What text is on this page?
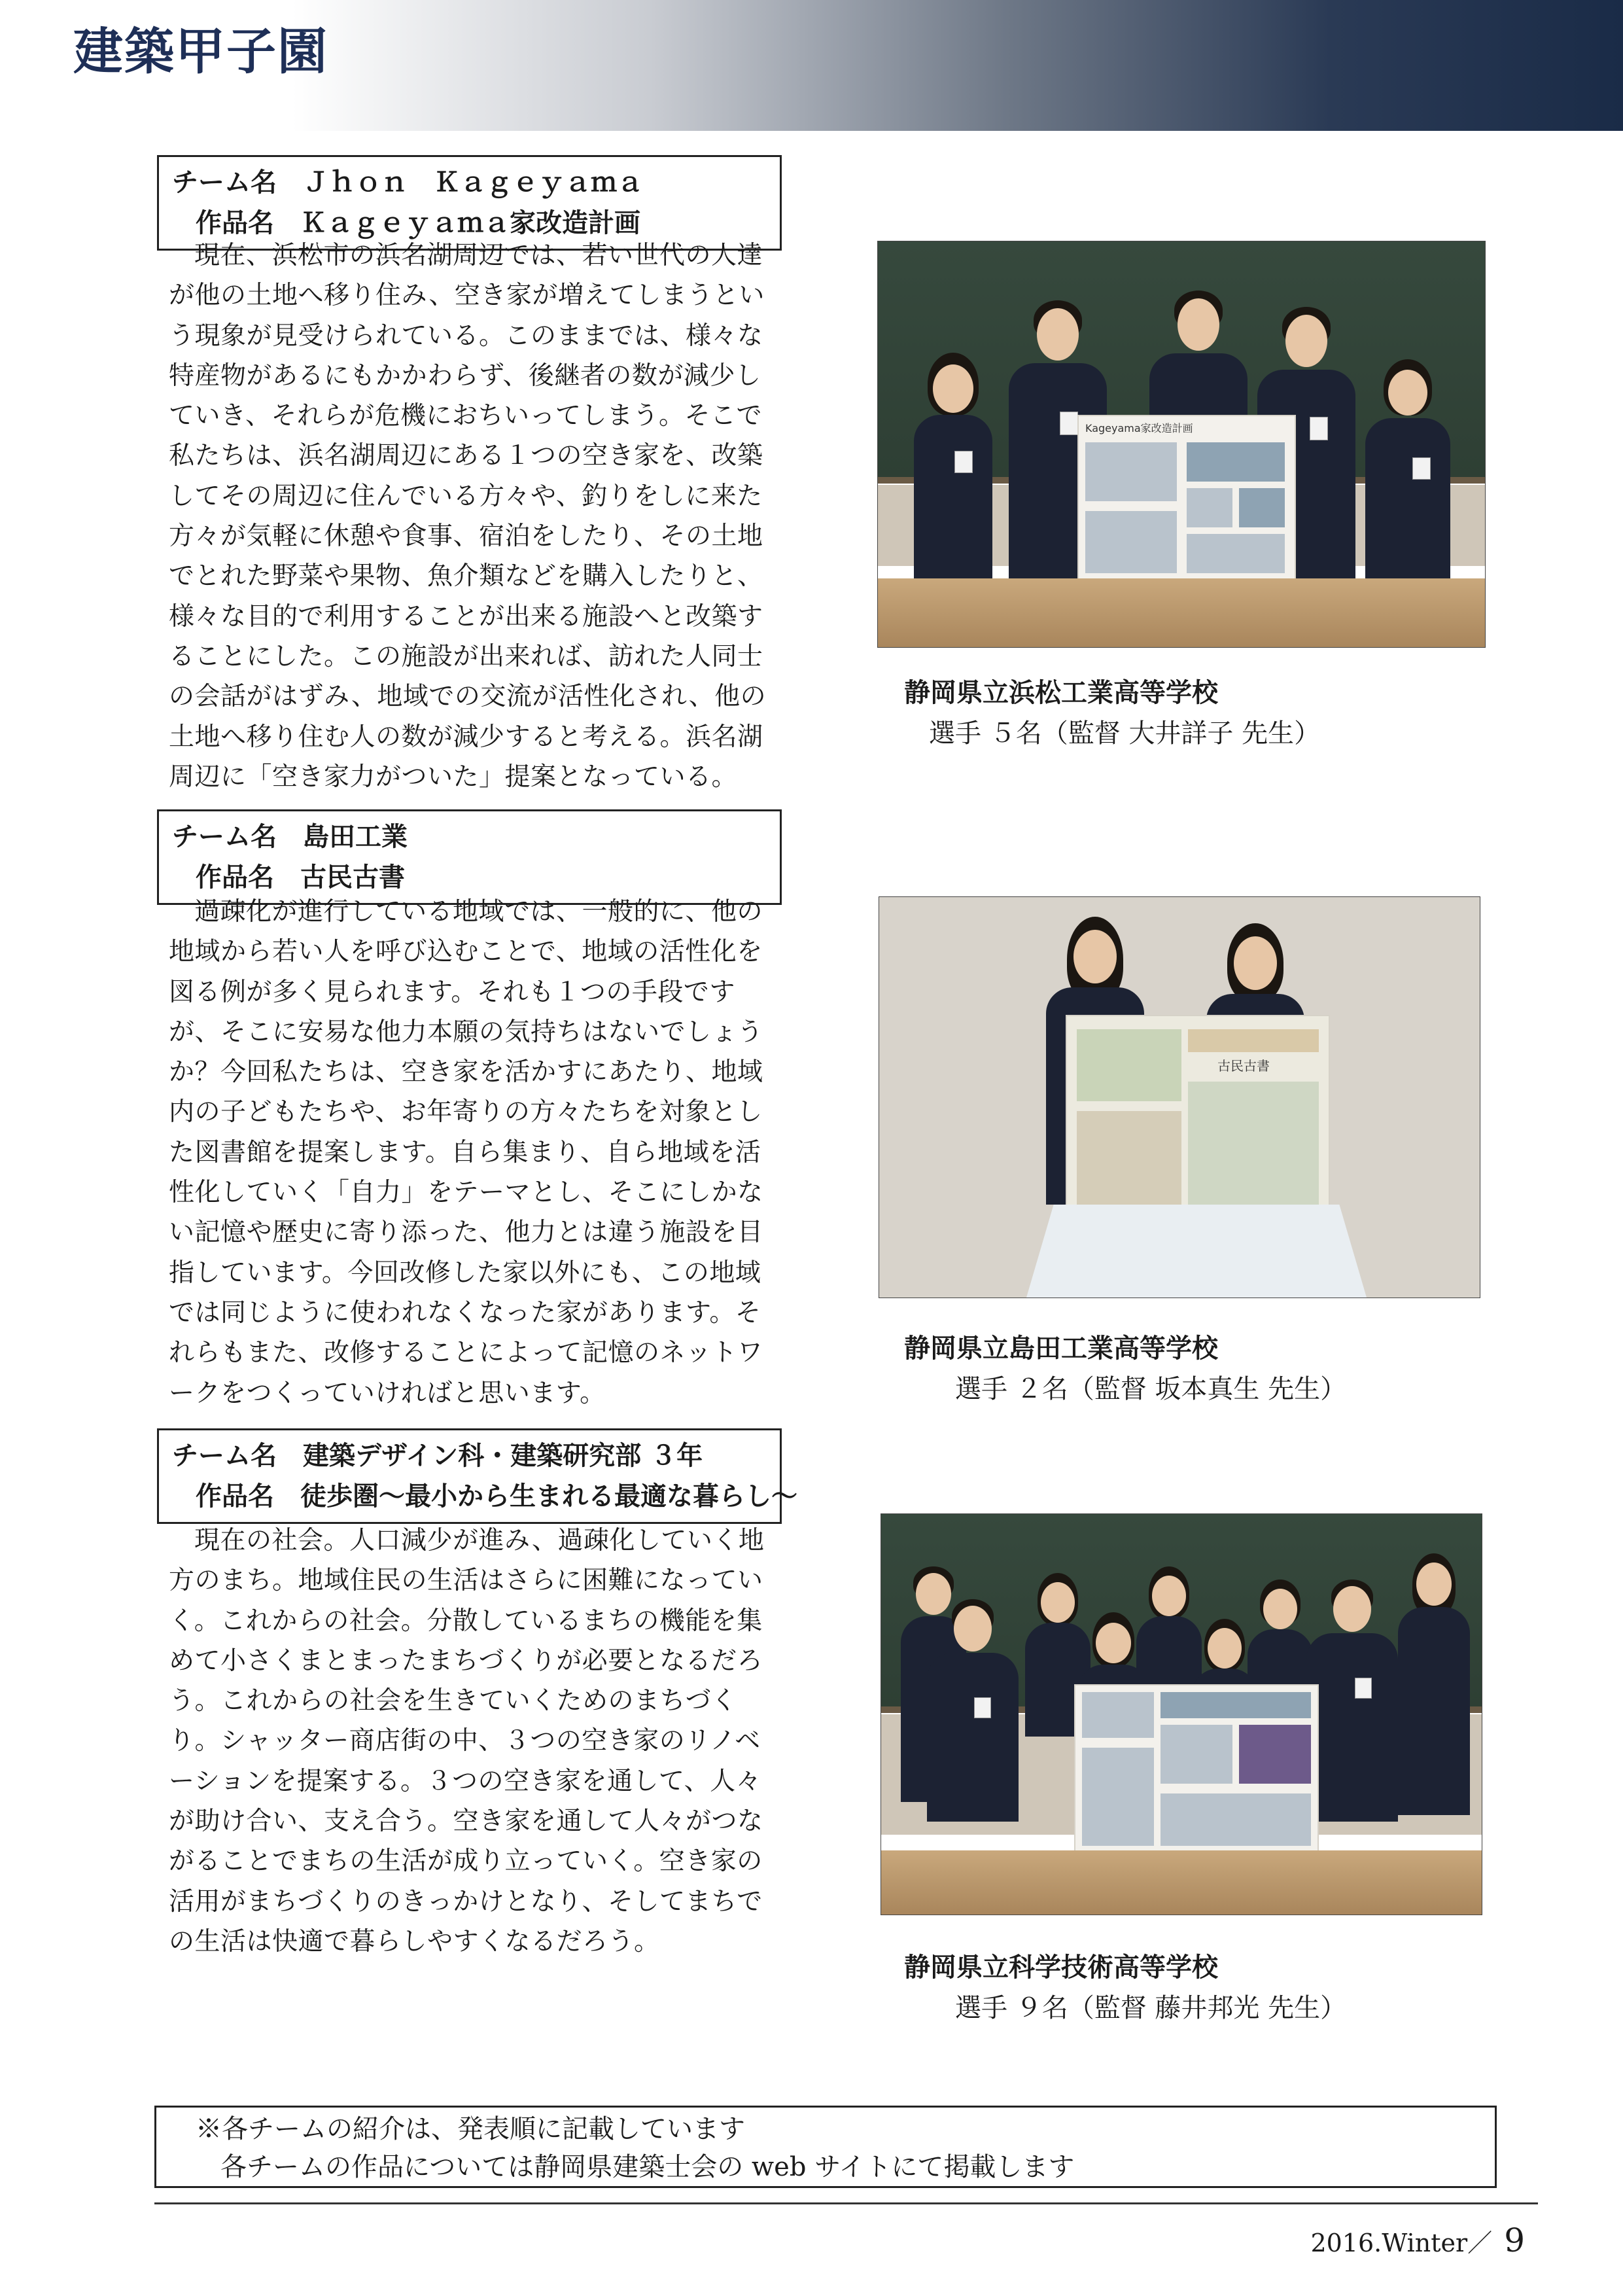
建築甲子園
チーム名 Ｊｈｏｎ　Ｋａｇｅｙａｍａ
作品名 Ｋａｇｅｙａｍａ家改造計画

現在、浜松市の浜名湖周辺では、若い世代の人達が他の土地へ移り住み、空き家が増えてしまうという現象が見受けられている。このままでは、様々な特産物があるにもかかわらず、後継者の数が減少していき、それらが危機におちいってしまう。そこで私たちは、浜名湖周辺にある１つの空き家を、改築してその周辺に住んでいる方々や、釣りをしに来た方々が気軽に休憩や食事、宿泊をしたり、その土地でとれた野菜や果物、魚介類などを購入したりと、様々な目的で利用することが出来る施設へと改築することにした。この施設が出来れば、訪れた人同士の会話がはずみ、地域での交流が活性化され、他の土地へ移り住む人の数が減少すると考える。浜名湖周辺に「空き家力がついた」提案となっている。

Kageyama家改造計画
静岡県立浜松工業高等学校
選手 ５名（監督 大井詳子 先生）
チーム名 島田工業
作品名 古民古書

過疎化が進行している地域では、一般的に、他の地域から若い人を呼び込むことで、地域の活性化を図る例が多く見られます。それも１つの手段ですが、そこに安易な他力本願の気持ちはないでしょうか？今回私たちは、空き家を活かすにあたり、地域内の子どもたちや、お年寄りの方々たちを対象とした図書館を提案します。自ら集まり、自ら地域を活性化していく「自力」をテーマとし、そこにしかない記憶や歴史に寄り添った、他力とは違う施設を目指しています。今回改修した家以外にも、この地域では同じように使われなくなった家があります。それらもまた、改修することによって記憶のネットワークをつくっていければと思います。

古民古書
静岡県立島田工業高等学校
選手 ２名（監督 坂本真生 先生）
チーム名 建築デザイン科・建築研究部 ３年
作品名 徒歩圏～最小から生まれる最適な暮らし～

現在の社会。人口減少が進み、過疎化していく地方のまち。地域住民の生活はさらに困難になっていく。これからの社会。分散しているまちの機能を集めて小さくまとまったまちづくりが必要となるだろう。これからの社会を生きていくためのまちづくり。シャッター商店街の中、３つの空き家のリノベーションを提案する。３つの空き家を通して、人々が助け合い、支え合う。空き家を通して人々がつながることでまちの生活が成り立っていく。空き家の活用がまちづくりのきっかけとなり、そしてまちでの生活は快適で暮らしやすくなるだろう。

静岡県立科学技術高等学校
選手 ９名（監督 藤井邦光 先生）
※各チームの紹介は、発表順に記載しています
各チームの作品については静岡県建築士会の web サイトにて掲載します
2016.Winter／ 9
